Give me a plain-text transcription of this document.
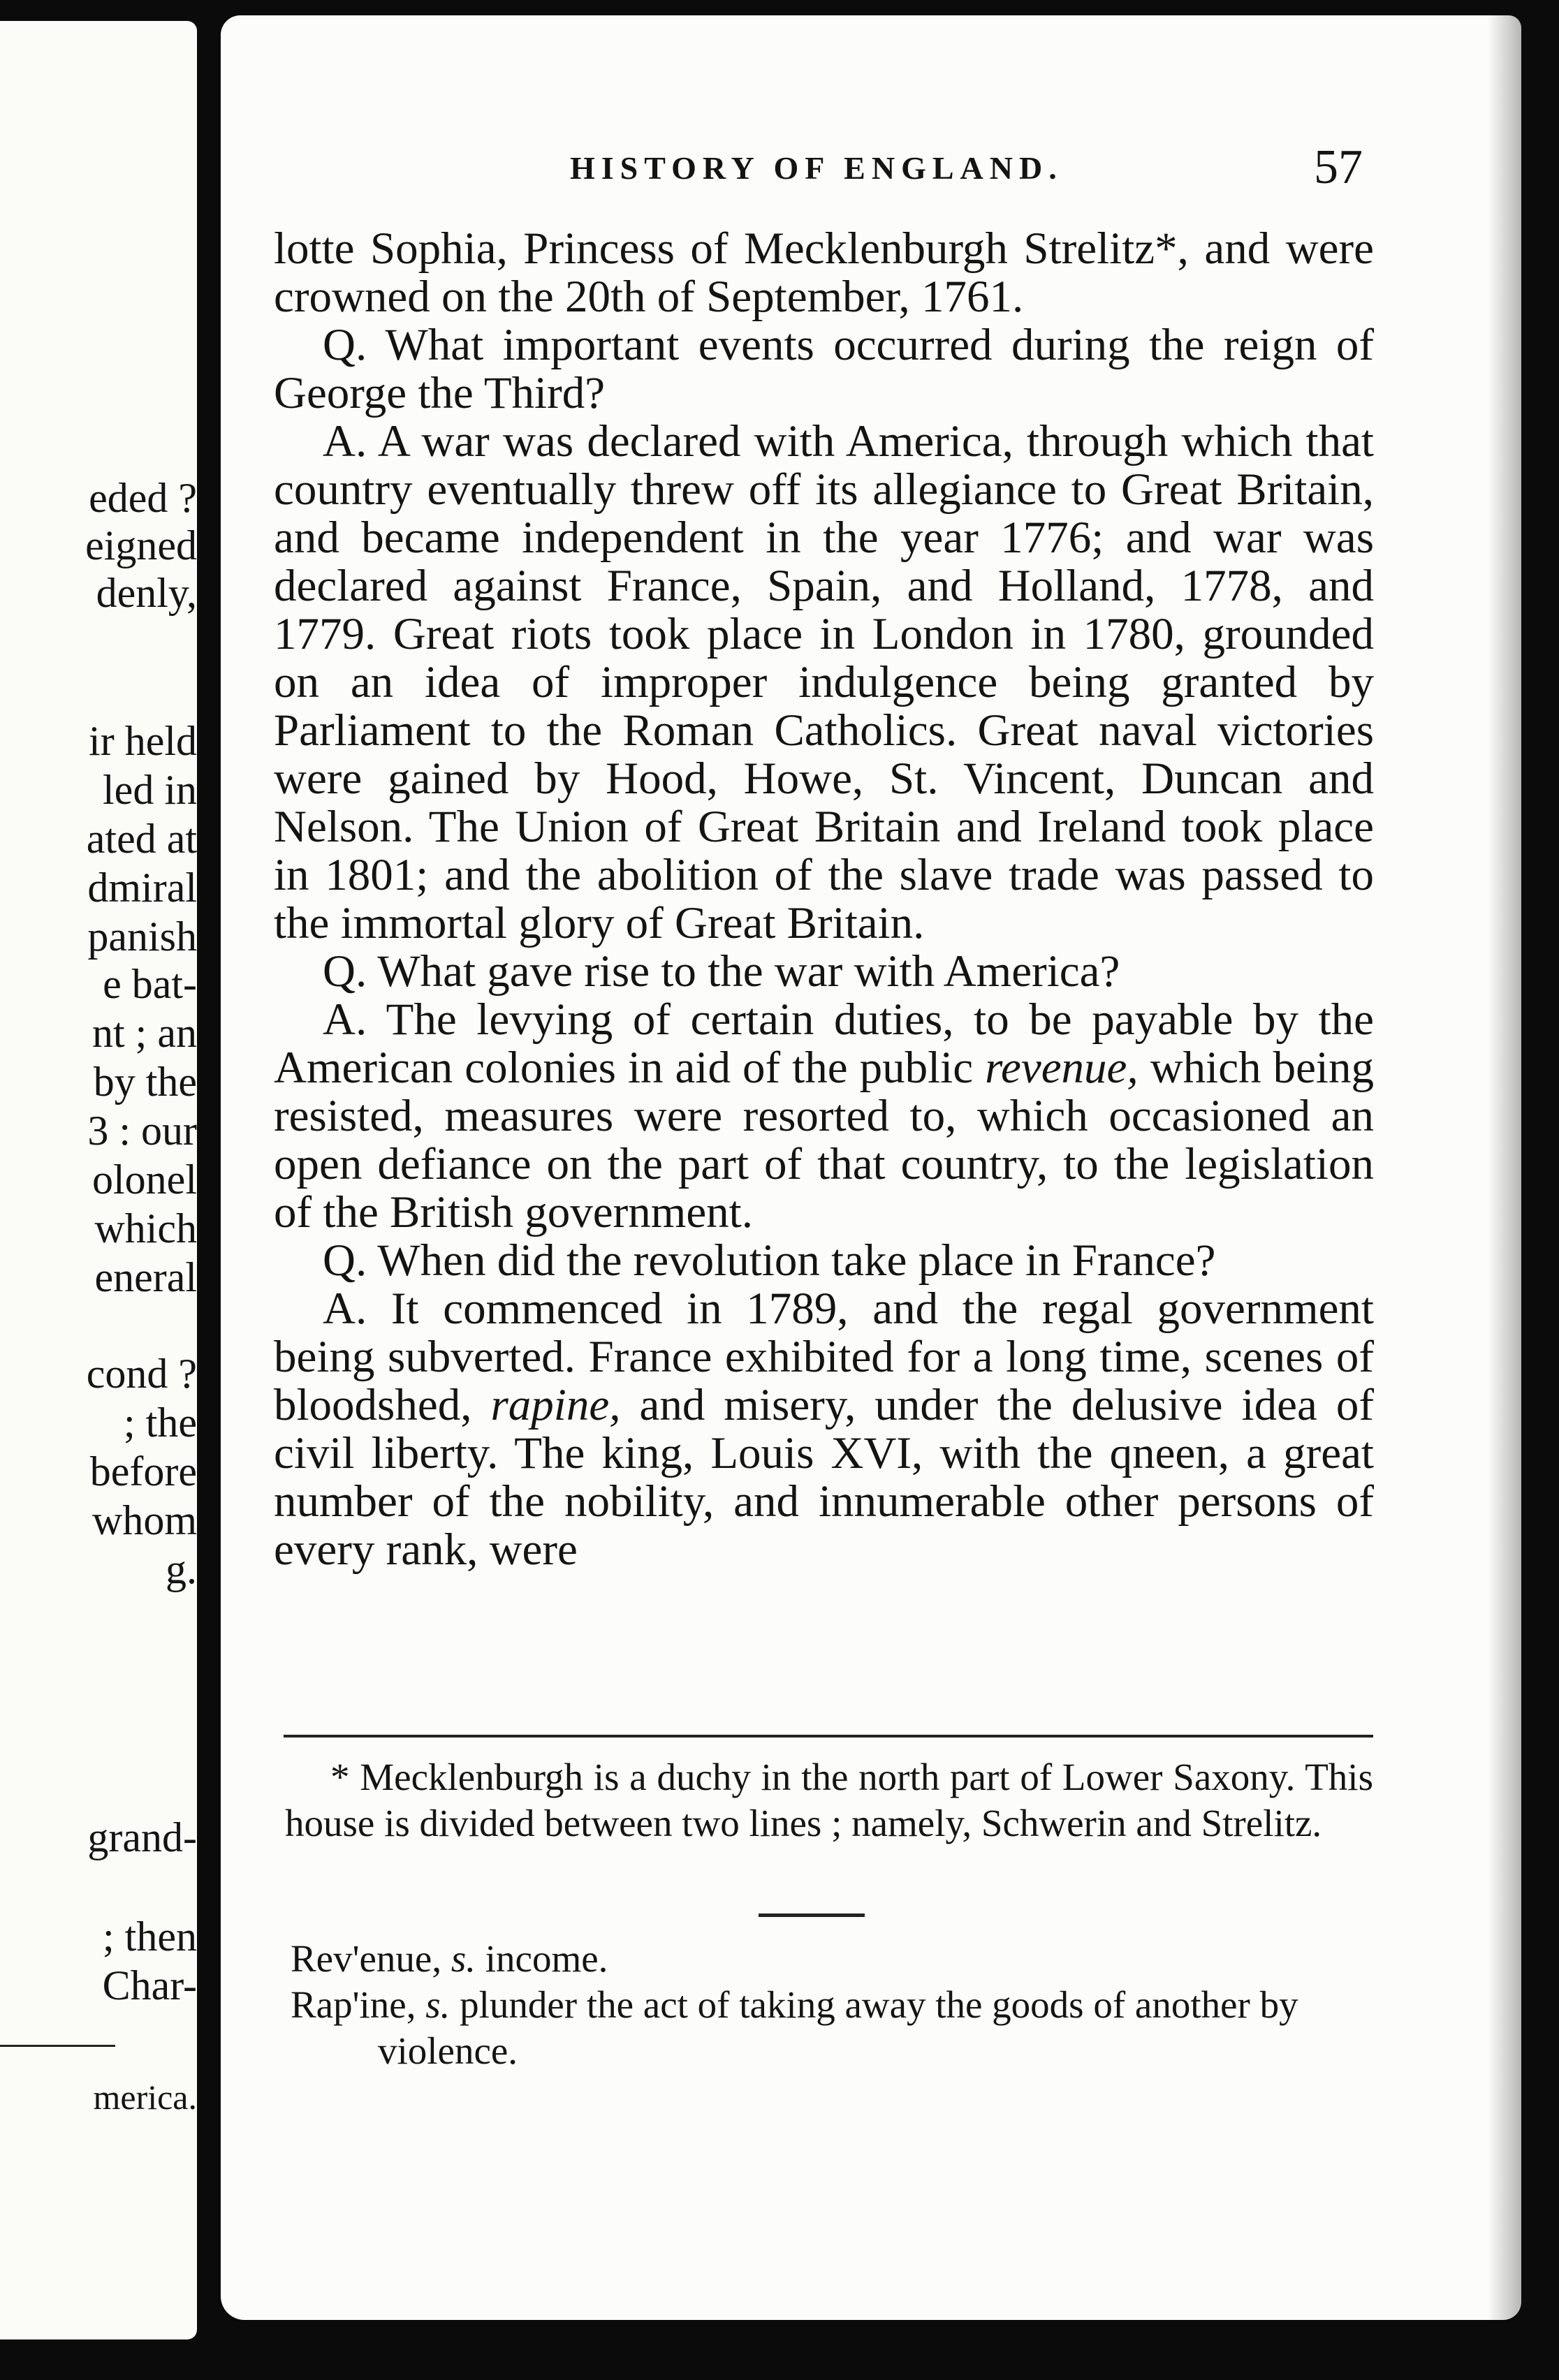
eded ?
eigned
denly,
ir held
led in
ated at
dmiral
panish
e bat-
nt ; an
by the
3 : our
olonel
which
eneral
cond ?
; the
before
whom
g.
grand-
; then
Char-
merica.
HISTORY OF ENGLAND.	57

lotte Sophia, Princess of Mecklenburgh Strelitz*, and were crowned on the 20th of September, 1761.

Q. What important events occurred during the reign of George the Third?

A. A war was declared with America, through which that country eventually threw off its allegiance to Great Britain, and became independent in the year 1776; and war was declared against France, Spain, and Holland, 1778, and 1779. Great riots took place in London in 1780, grounded on an idea of improper indulgence being granted by Parliament to the Roman Catholics. Great naval victories were gained by Hood, Howe, St. Vincent, Duncan and Nelson. The Union of Great Britain and Ireland took place in 1801; and the abolition of the slave trade was passed to the immortal glory of Great Britain.

Q. What gave rise to the war with America?

A. The levying of certain duties, to be payable by the American colonies in aid of the public revenue, which being resisted, measures were resorted to, which occasioned an open defiance on the part of that country, to the legislation of the British government.

Q. When did the revolution take place in France?

A. It commenced in 1789, and the regal government being subverted. France exhibited for a long time, scenes of bloodshed, rapine, and misery, under the delusive idea of civil liberty. The king, Louis XVI, with the qneen, a great number of the nobility, and innumerable other persons of every rank, were

* Mecklenburgh is a duchy in the north part of Lower Saxony. This house is divided between two lines ; namely, Schwerin and Strelitz.

Rev'enue, s. income.

Rap'ine, s. plunder the act of taking away the goods of another by violence.
